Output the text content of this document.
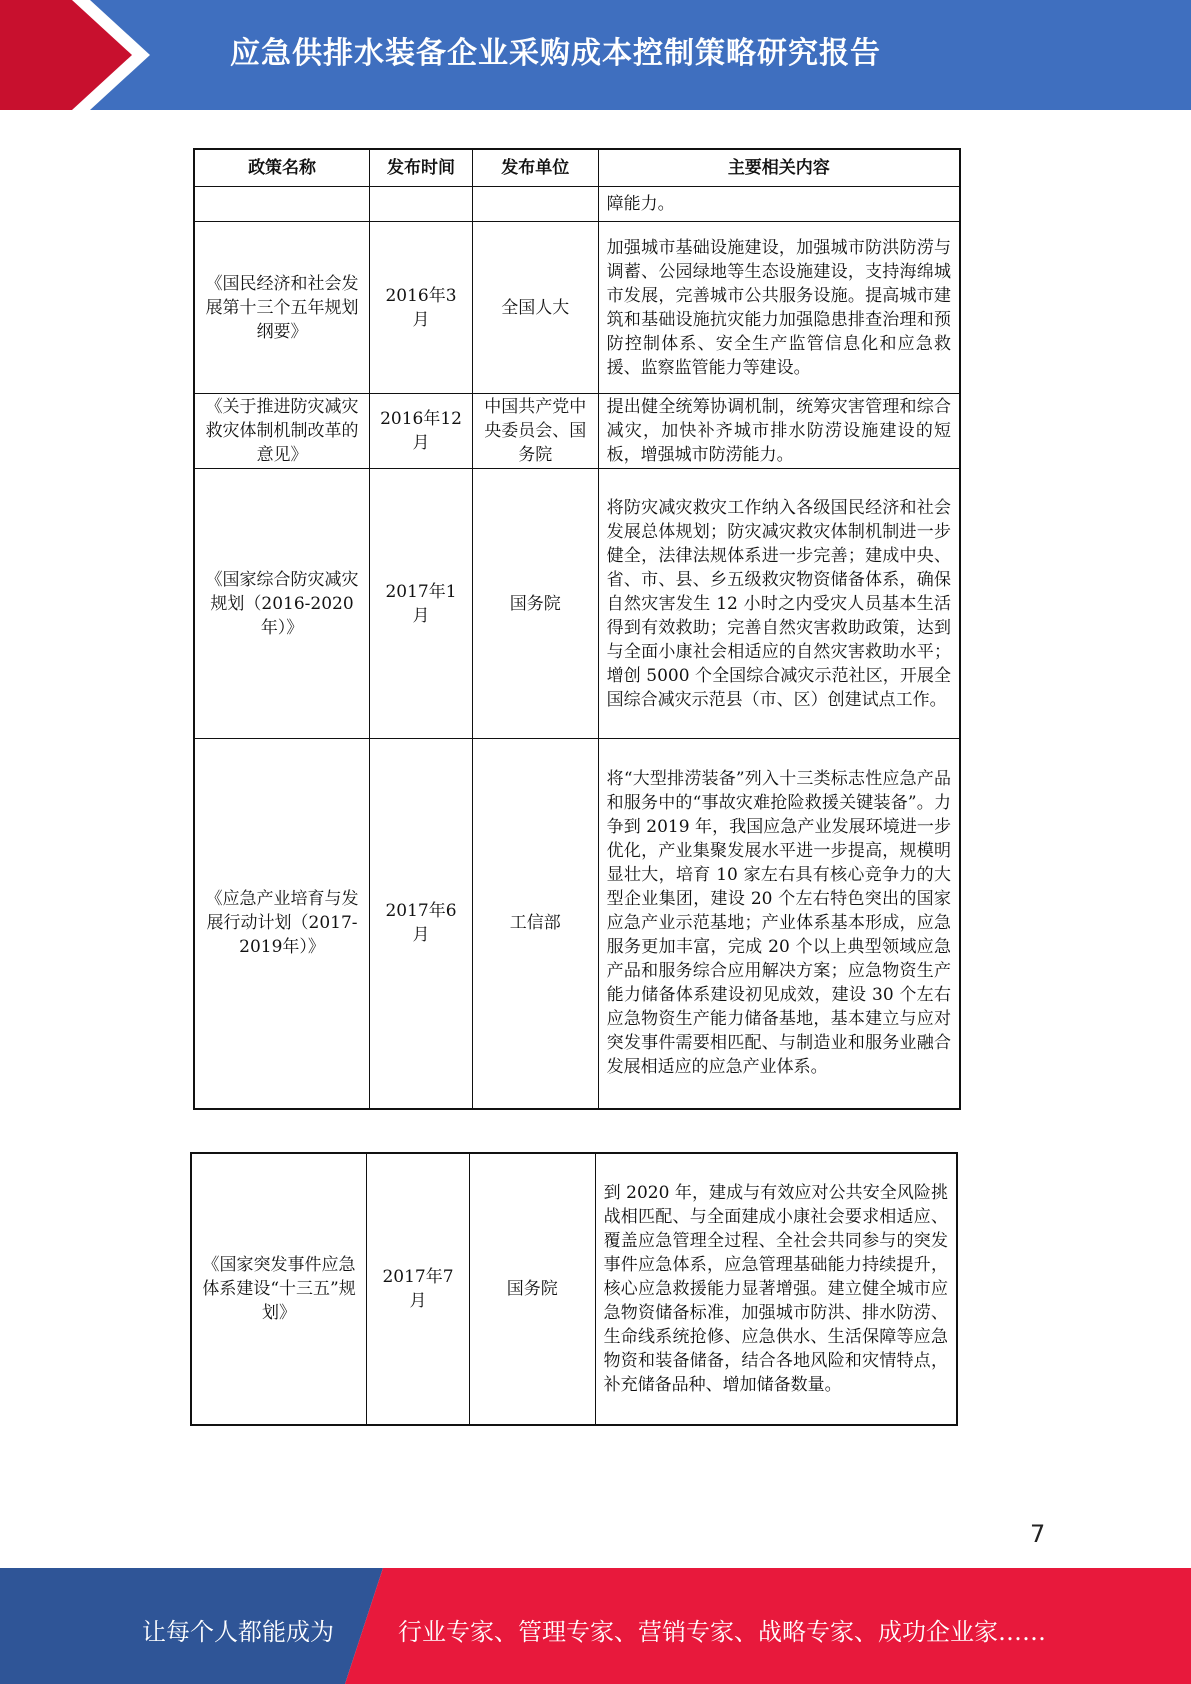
应急供排水装备企业采购成本控制策略研究报告
政策名称	发布时间	发布单位	主要相关内容
			障能力。
《国民经济和社会发展第十三个五年规划纲要》	2016年3月	全国人大	加强城市基础设施建设，加强城市防洪防涝与调蓄、公园绿地等生态设施建设，支持海绵城市发展，完善城市公共服务设施。提高城市建筑和基础设施抗灾能力加强隐患排查治理和预防控制体系、安全生产监管信息化和应急救援、监察监管能力等建设。
《关于推进防灾减灾救灾体制机制改革的意见》	2016年12月	中国共产党中央委员会、国务院	提出健全统筹协调机制，统筹灾害管理和综合减灾，加快补齐城市排水防涝设施建设的短板，增强城市防涝能力。
《国家综合防灾减灾规划（2016-2020年）》	2017年1月	国务院	将防灾减灾救灾工作纳入各级国民经济和社会发展总体规划；防灾减灾救灾体制机制进一步健全，法律法规体系进一步完善；建成中央、省、市、县、乡五级救灾物资储备体系，确保自然灾害发生 12 小时之内受灾人员基本生活得到有效救助；完善自然灾害救助政策，达到与全面小康社会相适应的自然灾害救助水平；增创 5000 个全国综合减灾示范社区，开展全国综合减灾示范县（市、区）创建试点工作。
《应急产业培育与发展行动计划（2017-2019年）》	2017年6月	工信部	将“大型排涝装备”列入十三类标志性应急产品和服务中的“事故灾难抢险救援关键装备”。力争到 2019 年，我国应急产业发展环境进一步优化，产业集聚发展水平进一步提高，规模明显壮大，培育 10 家左右具有核心竞争力的大型企业集团，建设 20 个左右特色突出的国家应急产业示范基地；产业体系基本形成，应急服务更加丰富，完成 20 个以上典型领域应急产品和服务综合应用解决方案；应急物资生产能力储备体系建设初见成效，建设 30 个左右应急物资生产能力储备基地，基本建立与应对突发事件需要相匹配、与制造业和服务业融合发展相适应的应急产业体系。
《国家突发事件应急体系建设“十三五”规划》	2017年7月	国务院	到 2020 年，建成与有效应对公共安全风险挑战相匹配、与全面建成小康社会要求相适应、覆盖应急管理全过程、全社会共同参与的突发事件应急体系，应急管理基础能力持续提升，核心应急救援能力显著增强。建立健全城市应急物资储备标准，加强城市防洪、排水防涝、生命线系统抢修、应急供水、生活保障等应急物资和装备储备，结合各地风险和灾情特点，补充储备品种、增加储备数量。
7
让每个人都能成为	行业专家、管理专家、营销专家、战略专家、成功企业家……
